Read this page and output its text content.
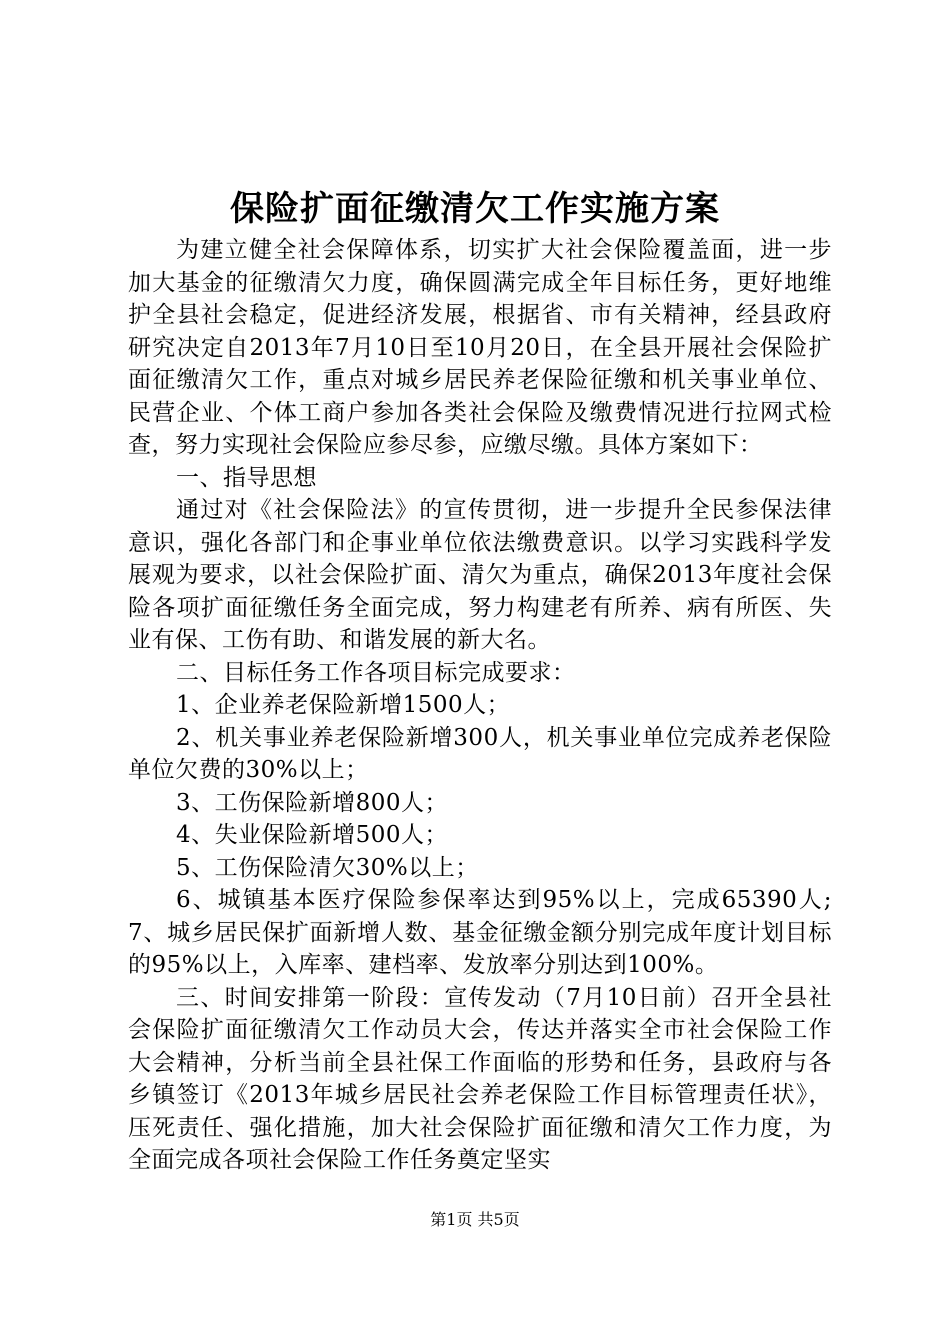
保险扩面征缴清欠工作实施方案

为建立健全社会保障体系，切实扩大社会保险覆盖面，进一步加大基金的征缴清欠力度，确保圆满完成全年目标任务，更好地维护全县社会稳定，促进经济发展，根据省、市有关精神，经县政府研究决定自2013年7月10日至10月20日，在全县开展社会保险扩面征缴清欠工作，重点对城乡居民养老保险征缴和机关事业单位、民营企业、个体工商户参加各类社会保险及缴费情况进行拉网式检查，努力实现社会保险应参尽参，应缴尽缴。具体方案如下：

一、指导思想

通过对《社会保险法》的宣传贯彻，进一步提升全民参保法律意识，强化各部门和企事业单位依法缴费意识。以学习实践科学发展观为要求，以社会保险扩面、清欠为重点，确保2013年度社会保险各项扩面征缴任务全面完成，努力构建老有所养、病有所医、失业有保、工伤有助、和谐发展的新大名。

二、目标任务工作各项目标完成要求：

1、企业养老保险新增1500人；

2、机关事业养老保险新增300人，机关事业单位完成养老保险单位欠费的30%以上；

3、工伤保险新增800人；

4、失业保险新增500人；

5、工伤保险清欠30%以上；

6、城镇基本医疗保险参保率达到95%以上，完成65390人;7、城乡居民保扩面新增人数、基金征缴金额分别完成年度计划目标的95%以上，入库率、建档率、发放率分别达到100%。

三、时间安排第一阶段：宣传发动（7月10日前）召开全县社会保险扩面征缴清欠工作动员大会，传达并落实全市社会保险工作大会精神，分析当前全县社保工作面临的形势和任务，县政府与各乡镇签订《2013年城乡居民社会养老保险工作目标管理责任状》，压死责任、强化措施，加大社会保险扩面征缴和清欠工作力度，为全面完成各项社会保险工作任务奠定坚实

第1页 共5页
